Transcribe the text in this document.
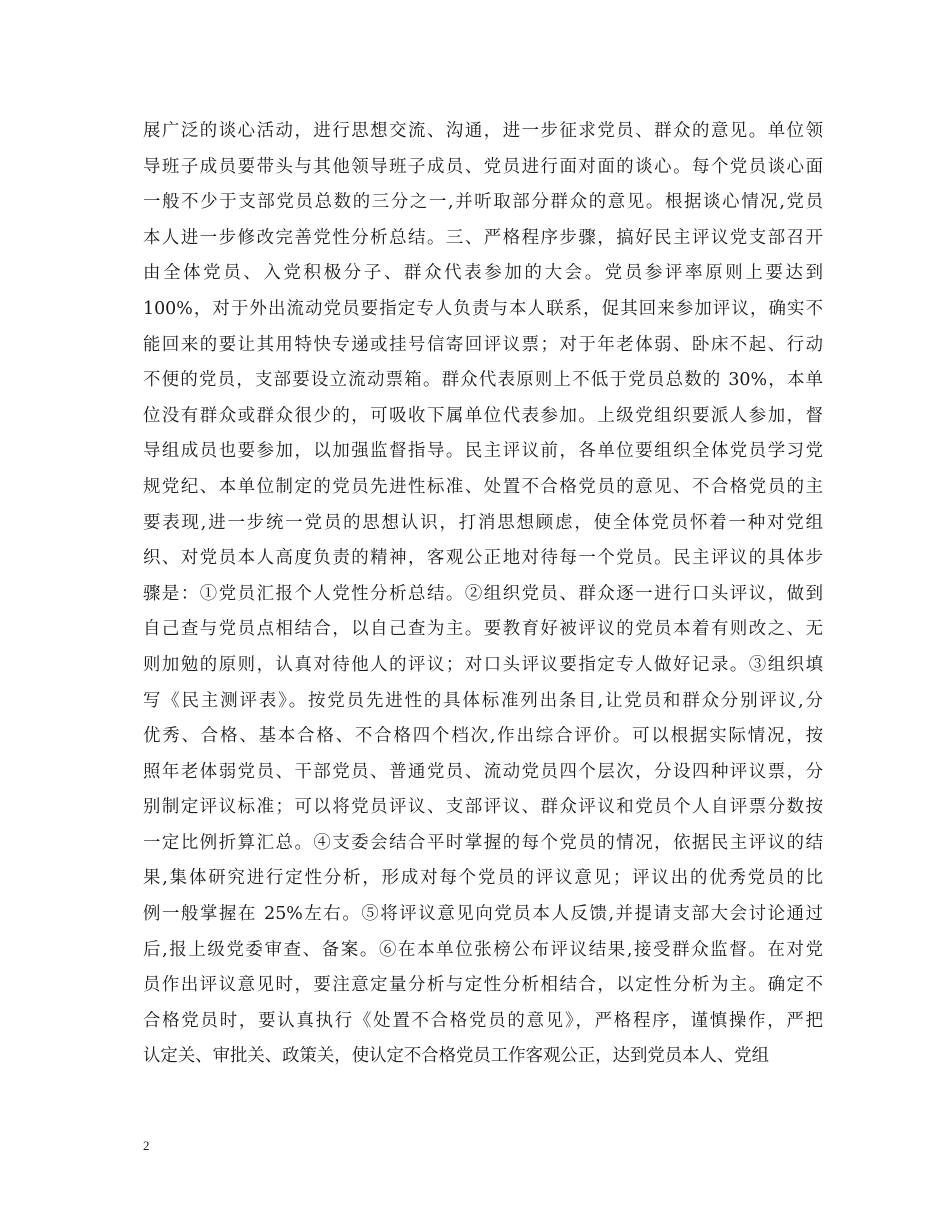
展广泛的谈心活动，进行思想交流、沟通，进一步征求党员、群众的意见。单位领
导班子成员要带头与其他领导班子成员、党员进行面对面的谈心。每个党员谈心面
一般不少于支部党员总数的三分之一,并听取部分群众的意见。根据谈心情况,党员
本人进一步修改完善党性分析总结。三、严格程序步骤，搞好民主评议党支部召开
由全体党员、入党积极分子、群众代表参加的大会。党员参评率原则上要达到
100%，对于外出流动党员要指定专人负责与本人联系，促其回来参加评议，确实不
能回来的要让其用特快专递或挂号信寄回评议票；对于年老体弱、卧床不起、行动
不便的党员，支部要设立流动票箱。群众代表原则上不低于党员总数的 30%，本单
位没有群众或群众很少的，可吸收下属单位代表参加。上级党组织要派人参加，督
导组成员也要参加，以加强监督指导。民主评议前，各单位要组织全体党员学习党
规党纪、本单位制定的党员先进性标准、处置不合格党员的意见、不合格党员的主
要表现,进一步统一党员的思想认识，打消思想顾虑，使全体党员怀着一种对党组
织、对党员本人高度负责的精神，客观公正地对待每一个党员。民主评议的具体步
骤是：①党员汇报个人党性分析总结。②组织党员、群众逐一进行口头评议，做到
自己查与党员点相结合，以自己查为主。要教育好被评议的党员本着有则改之、无
则加勉的原则，认真对待他人的评议；对口头评议要指定专人做好记录。③组织填
写《民主测评表》。按党员先进性的具体标准列出条目,让党员和群众分别评议,分
优秀、合格、基本合格、不合格四个档次,作出综合评价。可以根据实际情况，按
照年老体弱党员、干部党员、普通党员、流动党员四个层次，分设四种评议票，分
别制定评议标准；可以将党员评议、支部评议、群众评议和党员个人自评票分数按
一定比例折算汇总。④支委会结合平时掌握的每个党员的情况，依据民主评议的结
果,集体研究进行定性分析，形成对每个党员的评议意见；评议出的优秀党员的比
例一般掌握在 25%左右。⑤将评议意见向党员本人反馈,并提请支部大会讨论通过
后,报上级党委审查、备案。⑥在本单位张榜公布评议结果,接受群众监督。在对党
员作出评议意见时，要注意定量分析与定性分析相结合，以定性分析为主。确定不
合格党员时，要认真执行《处置不合格党员的意见》，严格程序，谨慎操作，严把
认定关、审批关、政策关，使认定不合格党员工作客观公正，达到党员本人、党组
2
